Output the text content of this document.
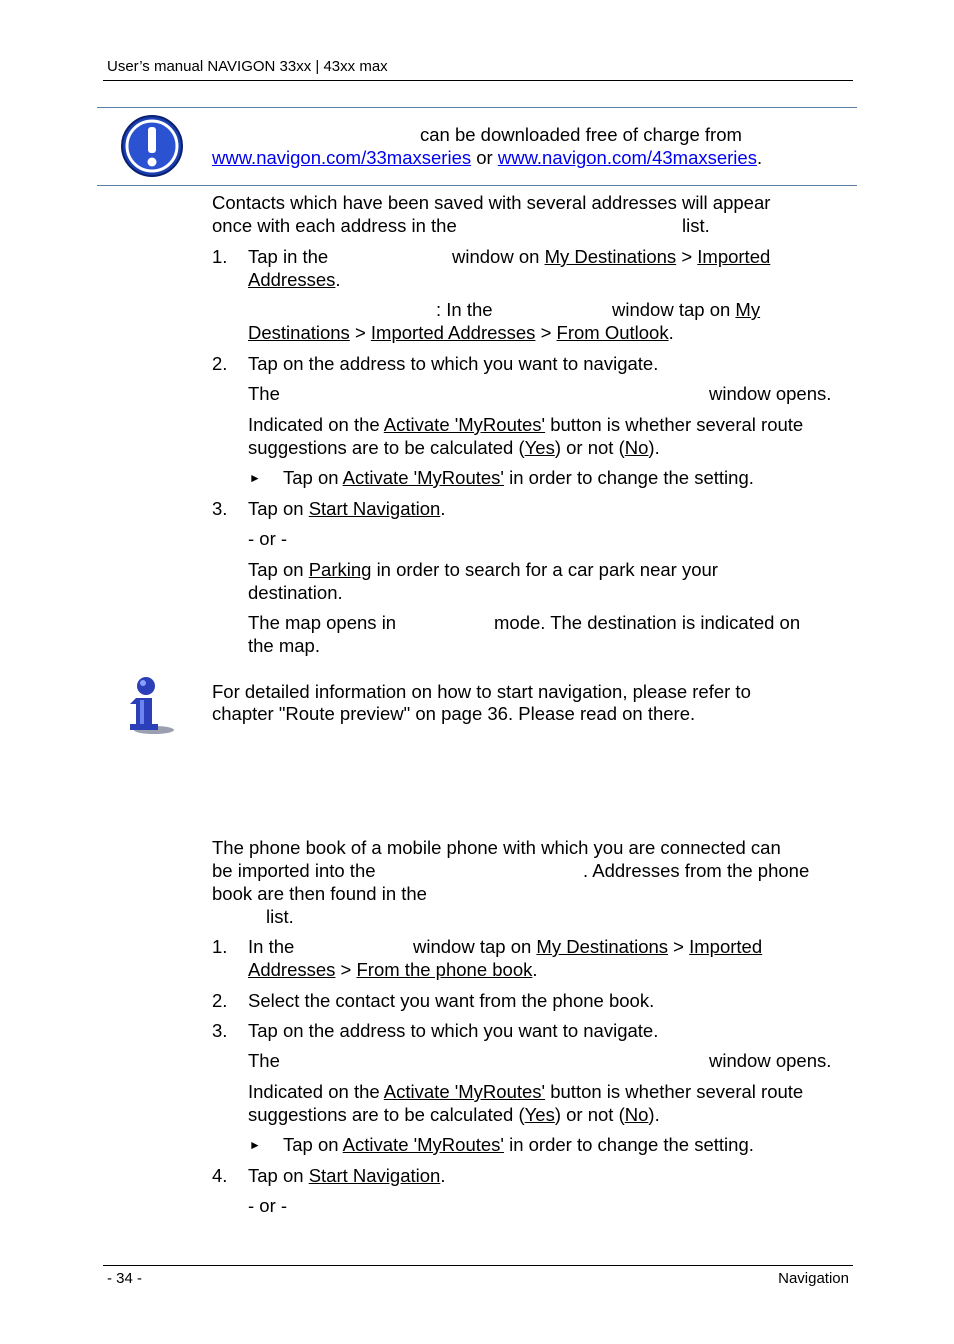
User’s manual NAVIGON 33xx | 43xx max
can be downloaded free of charge from
www.navigon.com/33maxseries or www.navigon.com/43maxseries.
Contacts which have been saved with several addresses will appear
once with each address in the	list.
1. Tap in the	window on My Destinations > Imported
Addresses.
: In the	window tap on My
Destinations > Imported Addresses > From Outlook.
2. Tap on the address to which you want to navigate.
The	window opens.
Indicated on the Activate 'MyRoutes' button is whether several route
suggestions are to be calculated (Yes) or not (No).
► Tap on Activate 'MyRoutes' in order to change the setting.
3. Tap on Start Navigation.
- or -
Tap on Parking in order to search for a car park near your
destination.
The map opens in	mode. The destination is indicated on
the map.
For detailed information on how to start navigation, please refer to
chapter "Route preview" on page 36. Please read on there.
The phone book of a mobile phone with which you are connected can
be imported into the	. Addresses from the phone
book are then found in the
list.
1. In the	window tap on My Destinations > Imported
Addresses > From the phone book.
2. Select the contact you want from the phone book.
3. Tap on the address to which you want to navigate.
The	window opens.
Indicated on the Activate 'MyRoutes' button is whether several route
suggestions are to be calculated (Yes) or not (No).
► Tap on Activate 'MyRoutes' in order to change the setting.
4. Tap on Start Navigation.
- or -
- 34 -	Navigation
